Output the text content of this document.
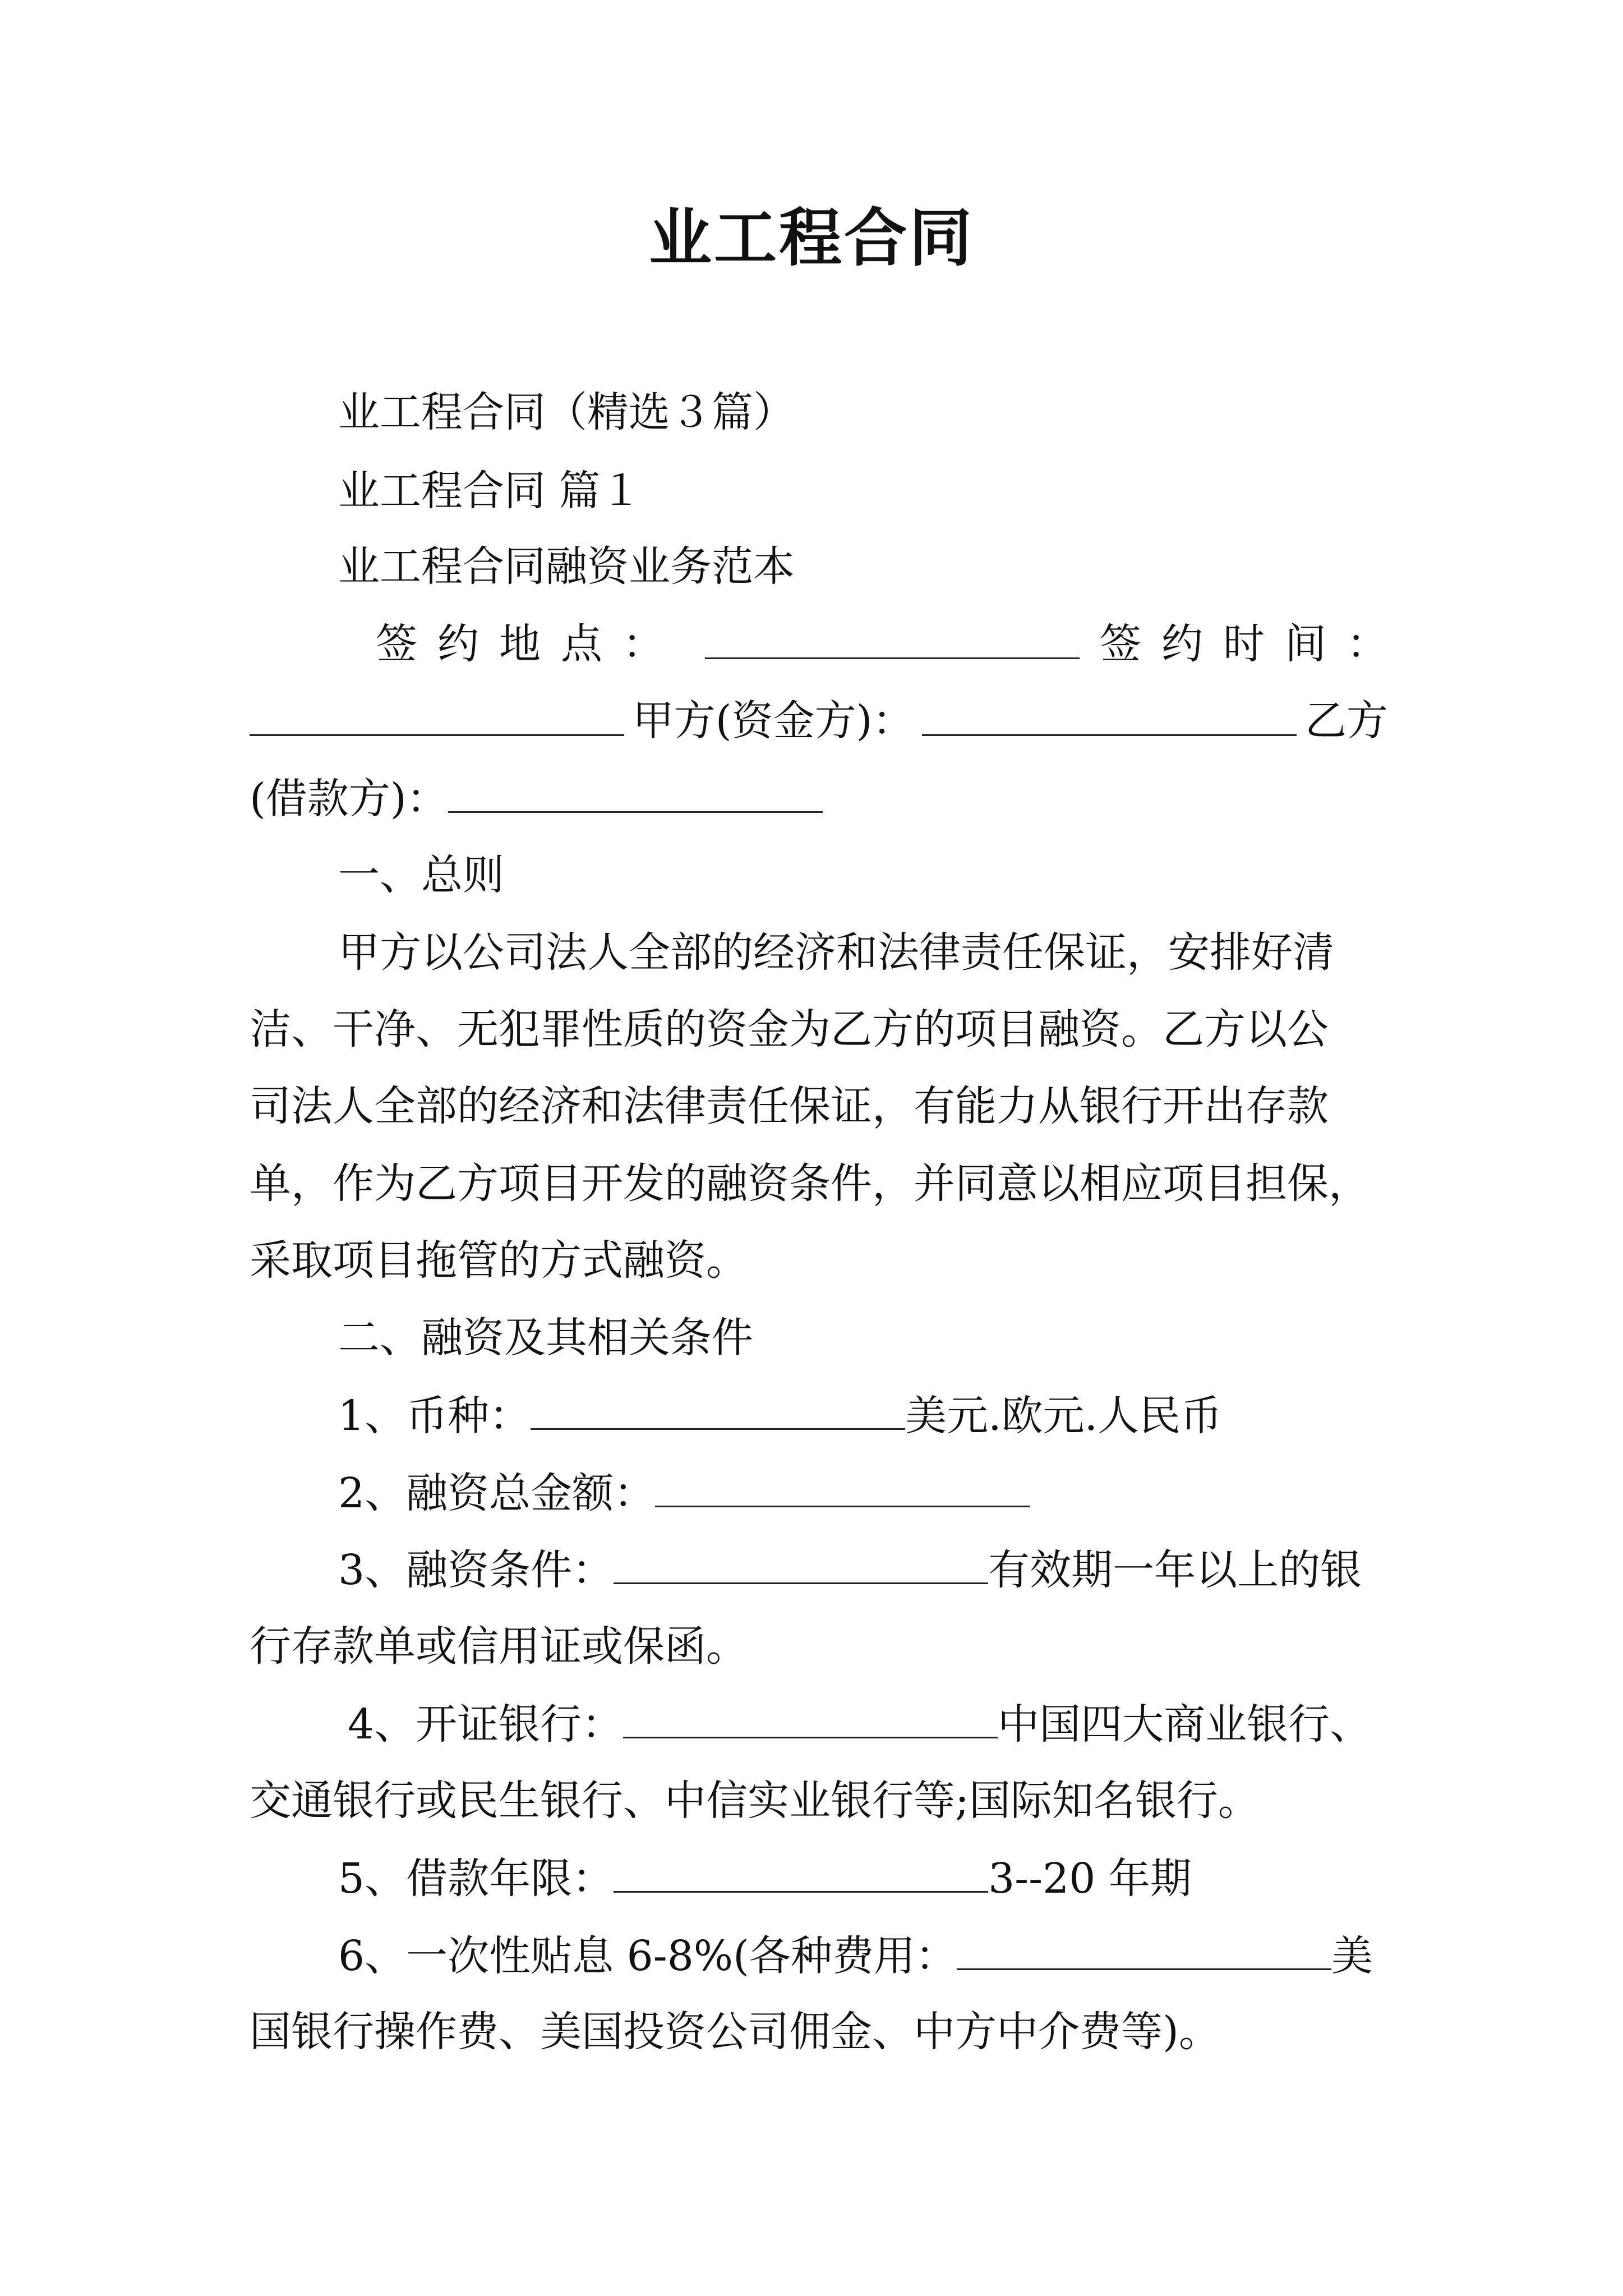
业工程合同

业工程合同（精选３篇）

业工程合同 篇１

业工程合同融资业务范本

签约地点：	签约时间：
甲方(资金方)：	乙方
(借款方)：

一、总则

甲方以公司法人全部的经济和法律责任保证，安排好清

洁、干净、无犯罪性质的资金为乙方的项目融资。乙方以公

司法人全部的经济和法律责任保证，有能力从银行开出存款

单，作为乙方项目开发的融资条件，并同意以相应项目担保，

采取项目拖管的方式融资。

二、融资及其相关条件

1、币种：	美元.欧元.人民币
2、融资总金额：
3、融资条件：	有效期一年以上的银

行存款单或信用证或保函。

4、开证银行：	中国四大商业银行、

交通银行或民生银行、中信实业银行等;国际知名银行。

5、借款年限：	3--20 年期
6、一次性贴息 6-8%(各种费用：	美

国银行操作费、美国投资公司佣金、中方中介费等)。
